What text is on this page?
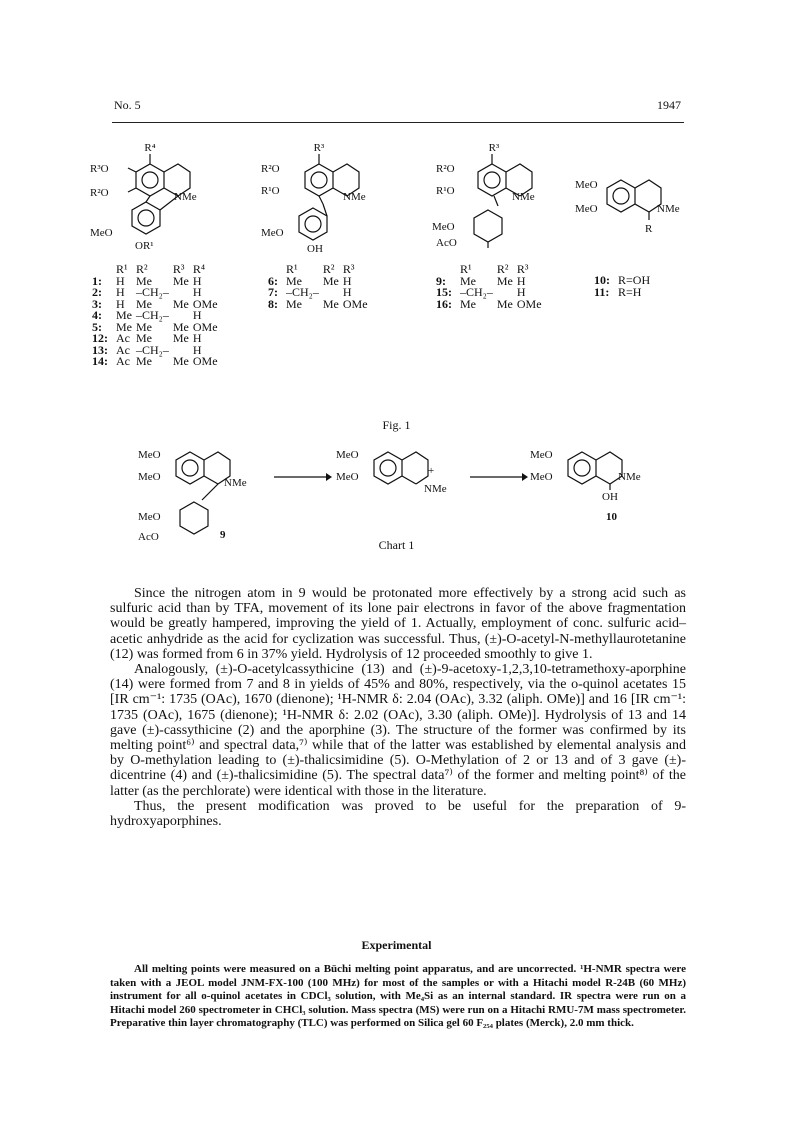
No. 5	1947
R⁴
R³O
R²O	NMe
MeO
OR¹
R³
R²O
R¹O	NMe
MeO
OH
R³
R²O
R¹O	NMe
MeO
AcO
MeO
MeO	NMe
R
	R¹	R²	R³	R⁴
1:	H	Me	Me	H
2:	H	–CH₂–		H
3:	H	Me	Me	OMe
4:	Me	–CH₂–		H
5:	Me	Me	Me	OMe
12:	Ac	Me	Me	H
13:	Ac	–CH₂–		H
14:	Ac	Me	Me	OMe
	R¹	R²	R³
6:	Me	Me	H
7:	–CH₂–		H
8:	Me	Me	OMe
	R¹	R²	R³
9:	Me	Me	H
15:	–CH₂–		H
16:	Me	Me	OMe
10:	R=OH
11:	R=H
Fig. 1
MeO
MeO	NMe
MeO
AcO	9
MeO
MeO	+
NMe
MeO
MeO	NMe
OH
10
Chart 1

Since the nitrogen atom in 9 would be protonated more effectively by a strong acid such as sulfuric acid than by TFA, movement of its lone pair electrons in favor of the above fragmentation would be greatly hampered, improving the yield of 1. Actually, employment of conc. sulfuric acid–acetic anhydride as the acid for cyclization was successful. Thus, (±)-O-acetyl-N-methyllaurotetanine (12) was formed from 6 in 37% yield. Hydrolysis of 12 proceeded smoothly to give 1.

Analogously, (±)-O-acetylcassythicine (13) and (±)-9-acetoxy-1,2,3,10-tetramethoxy-aporphine (14) were formed from 7 and 8 in yields of 45% and 80%, respectively, via the o-quinol acetates 15 [IR cm⁻¹: 1735 (OAc), 1670 (dienone); ¹H-NMR δ: 2.04 (OAc), 3.32 (aliph. OMe)] and 16 [IR cm⁻¹: 1735 (OAc), 1675 (dienone); ¹H-NMR δ: 2.02 (OAc), 3.30 (aliph. OMe)]. Hydrolysis of 13 and 14 gave (±)-cassythicine (2) and the aporphine (3). The structure of the former was confirmed by its melting point⁶⁾ and spectral data,⁷⁾ while that of the latter was established by elemental analysis and by O-methylation leading to (±)-thalicsimidine (5). O-Methylation of 2 or 13 and of 3 gave (±)-dicentrine (4) and (±)-thalicsimidine (5). The spectral data⁷⁾ of the former and melting point⁸⁾ of the latter (as the perchlorate) were identical with those in the literature.

Thus, the present modification was proved to be useful for the preparation of 9-hydroxyaporphines.

Experimental

All melting points were measured on a Büchi melting point apparatus, and are uncorrected. ¹H-NMR spectra were taken with a JEOL model JNM-FX-100 (100 MHz) for most of the samples or with a Hitachi model R-24B (60 MHz) instrument for all o-quinol acetates in CDCl₃ solution, with Me₄Si as an internal standard. IR spectra were run on a Hitachi model 260 spectrometer in CHCl₃ solution. Mass spectra (MS) were run on a Hitachi RMU-7M mass spectrometer. Preparative thin layer chromatography (TLC) was performed on Silica gel 60 F₂₅₄ plates (Merck), 2.0 mm thick.
